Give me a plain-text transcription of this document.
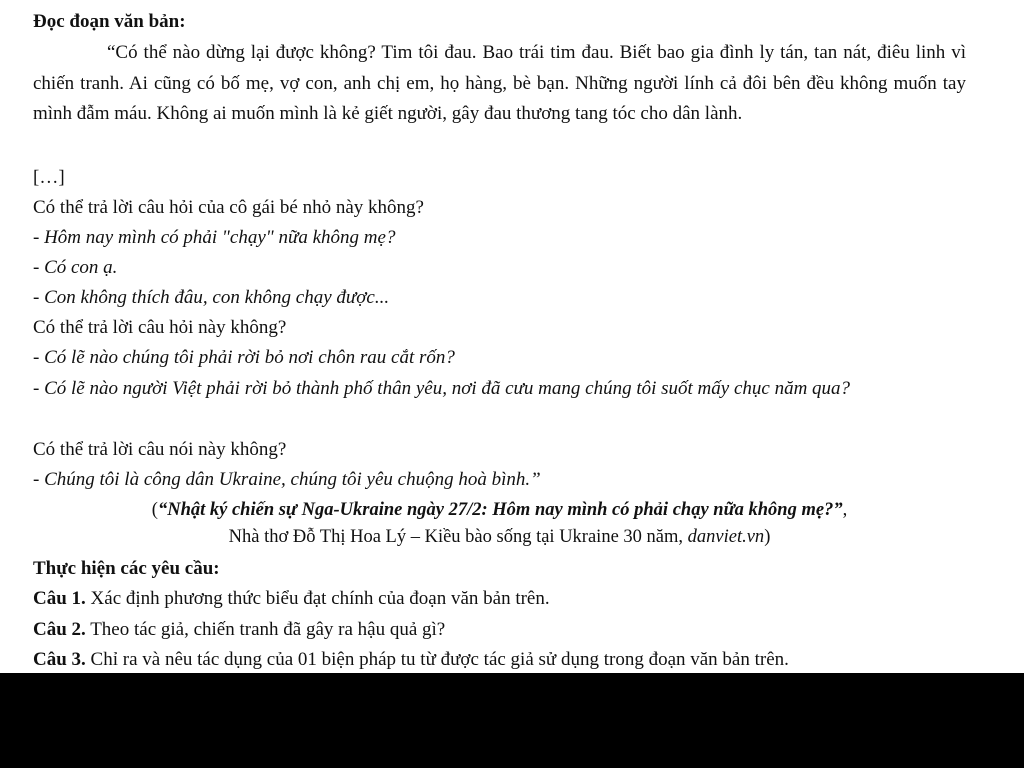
Đọc đoạn văn bản:
“Có thể nào dừng lại được không? Tim tôi đau. Bao trái tim đau. Biết bao gia đình ly tán, tan nát, điêu linh vì chiến tranh. Ai cũng có bố mẹ, vợ con, anh chị em, họ hàng, bè bạn. Những người lính cả đôi bên đều không muốn tay mình đẫm máu. Không ai muốn mình là kẻ giết người, gây đau thương tang tóc cho dân lành.
[…]
Có thể trả lời câu hỏi của cô gái bé nhỏ này không?
- Hôm nay mình có phải "chạy" nữa không mẹ?
- Có con ạ.
- Con không thích đâu, con không chạy được...
Có thể trả lời câu hỏi này không?
- Có lẽ nào chúng tôi phải rời bỏ nơi chôn rau cắt rốn?
- Có lẽ nào người Việt phải rời bỏ thành phố thân yêu, nơi đã cưu mang chúng tôi suốt mấy chục năm qua?
Có thể trả lời câu nói này không?
- Chúng tôi là công dân Ukraine, chúng tôi yêu chuộng hoà bình.”
(“Nhật ký chiến sự Nga-Ukraine ngày 27/2: Hôm nay mình có phải chạy nữa không mẹ?”,
Nhà thơ Đỗ Thị Hoa Lý – Kiều bào sống tại Ukraine 30 năm, danviet.vn)
Thực hiện các yêu cầu:
Câu 1. Xác định phương thức biểu đạt chính của đoạn văn bản trên.
Câu 2. Theo tác giả, chiến tranh đã gây ra hậu quả gì?
Câu 3. Chỉ ra và nêu tác dụng của 01 biện pháp tu từ được tác giả sử dụng trong đoạn văn bản trên.
